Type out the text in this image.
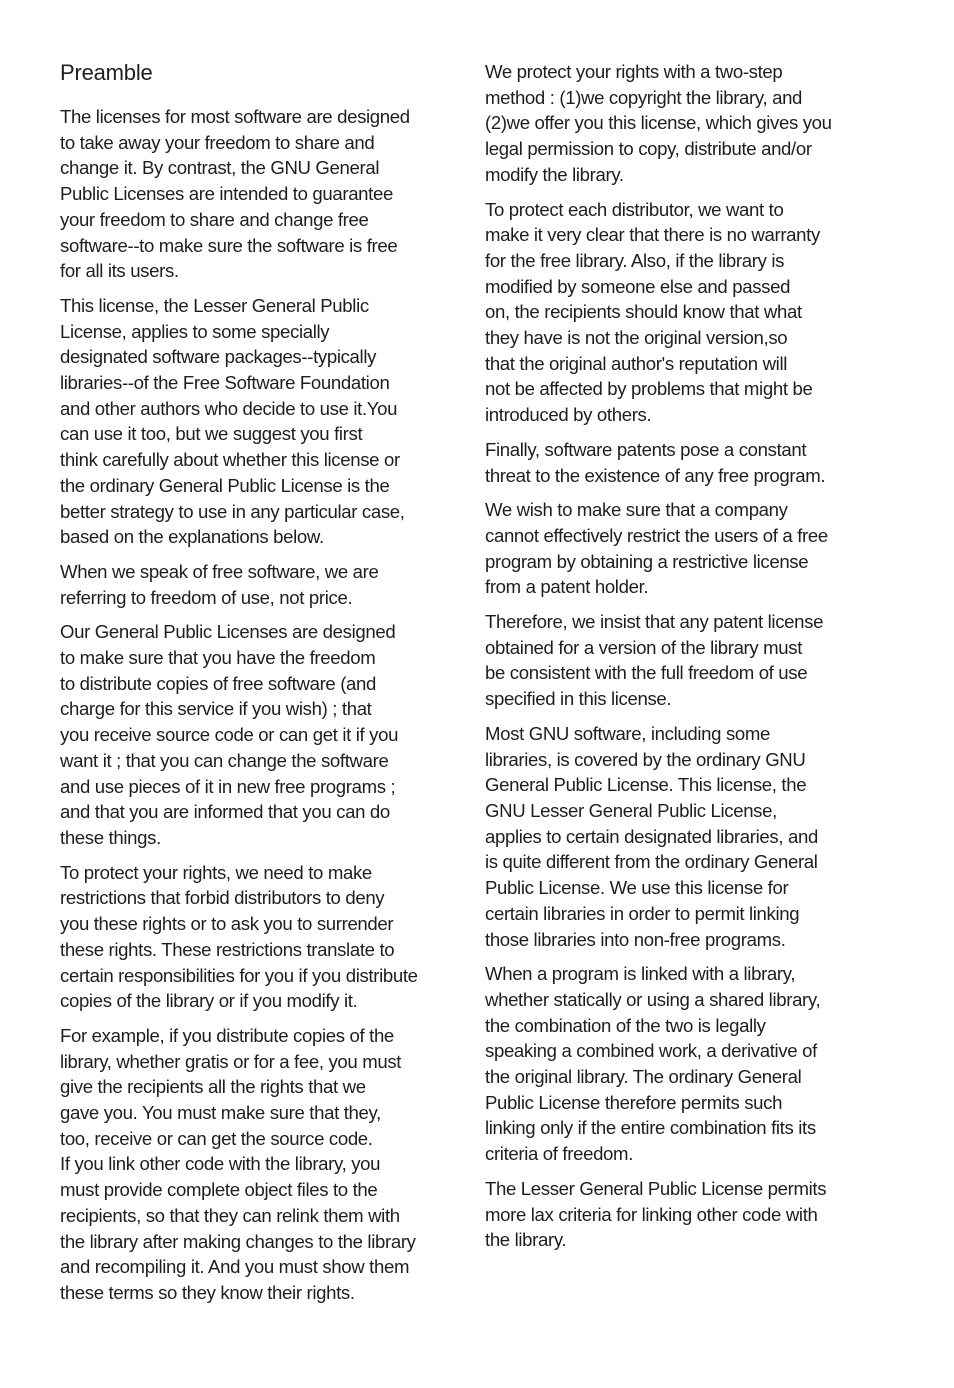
Preamble

The licenses for most software are designed
to take away your freedom to share and
change it. By contrast, the GNU General
Public Licenses are intended to guarantee
your freedom to share and change free
software--to make sure the software is free
for all its users.

This license, the Lesser General Public
License, applies to some specially
designated software packages--typically
libraries--of the Free Software Foundation
and other authors who decide to use it.You
can use it too, but we suggest you first
think carefully about whether this license or
the ordinary General Public License is the
better strategy to use in any particular case,
based on the explanations below.

When we speak of free software, we are
referring to freedom of use, not price.

Our General Public Licenses are designed
to make sure that you have the freedom
to distribute copies of free software (and
charge for this service if you wish) ; that
you receive source code or can get it if you
want it ; that you can change the software
and use pieces of it in new free programs ;
and that you are informed that you can do
these things.

To protect your rights, we need to make
restrictions that forbid distributors to deny
you these rights or to ask you to surrender
these rights. These restrictions translate to
certain responsibilities for you if you distribute
copies of the library or if you modify it.

For example, if you distribute copies of the
library, whether gratis or for a fee, you must
give the recipients all the rights that we
gave you. You must make sure that they,
too, receive or can get the source code.
If you link other code with the library, you
must provide complete object files to the
recipients, so that they can relink them with
the library after making changes to the library
and recompiling it. And you must show them
these terms so they know their rights.

We protect your rights with a two-step
method : (1)we copyright the library, and
(2)we offer you this license, which gives you
legal permission to copy, distribute and/or
modify the library.

To protect each distributor, we want to
make it very clear that there is no warranty
for the free library. Also, if the library is
modified by someone else and passed
on, the recipients should know that what
they have is not the original version,so
that the original author's reputation will
not be affected by problems that might be
introduced by others.

Finally, software patents pose a constant
threat to the existence of any free program.

We wish to make sure that a company
cannot effectively restrict the users of a free
program by obtaining a restrictive license
from a patent holder.

Therefore, we insist that any patent license
obtained for a version of the library must
be consistent with the full freedom of use
specified in this license.

Most GNU software, including some
libraries, is covered by the ordinary GNU
General Public License. This license, the
GNU Lesser General Public License,
applies to certain designated libraries, and
is quite different from the ordinary General
Public License. We use this license for
certain libraries in order to permit linking
those libraries into non-free programs.

When a program is linked with a library,
whether statically or using a shared library,
the combination of the two is legally
speaking a combined work, a derivative of
the original library. The ordinary General
Public License therefore permits such
linking only if the entire combination fits its
criteria of freedom.

The Lesser General Public License permits
more lax criteria for linking other code with
the library.
